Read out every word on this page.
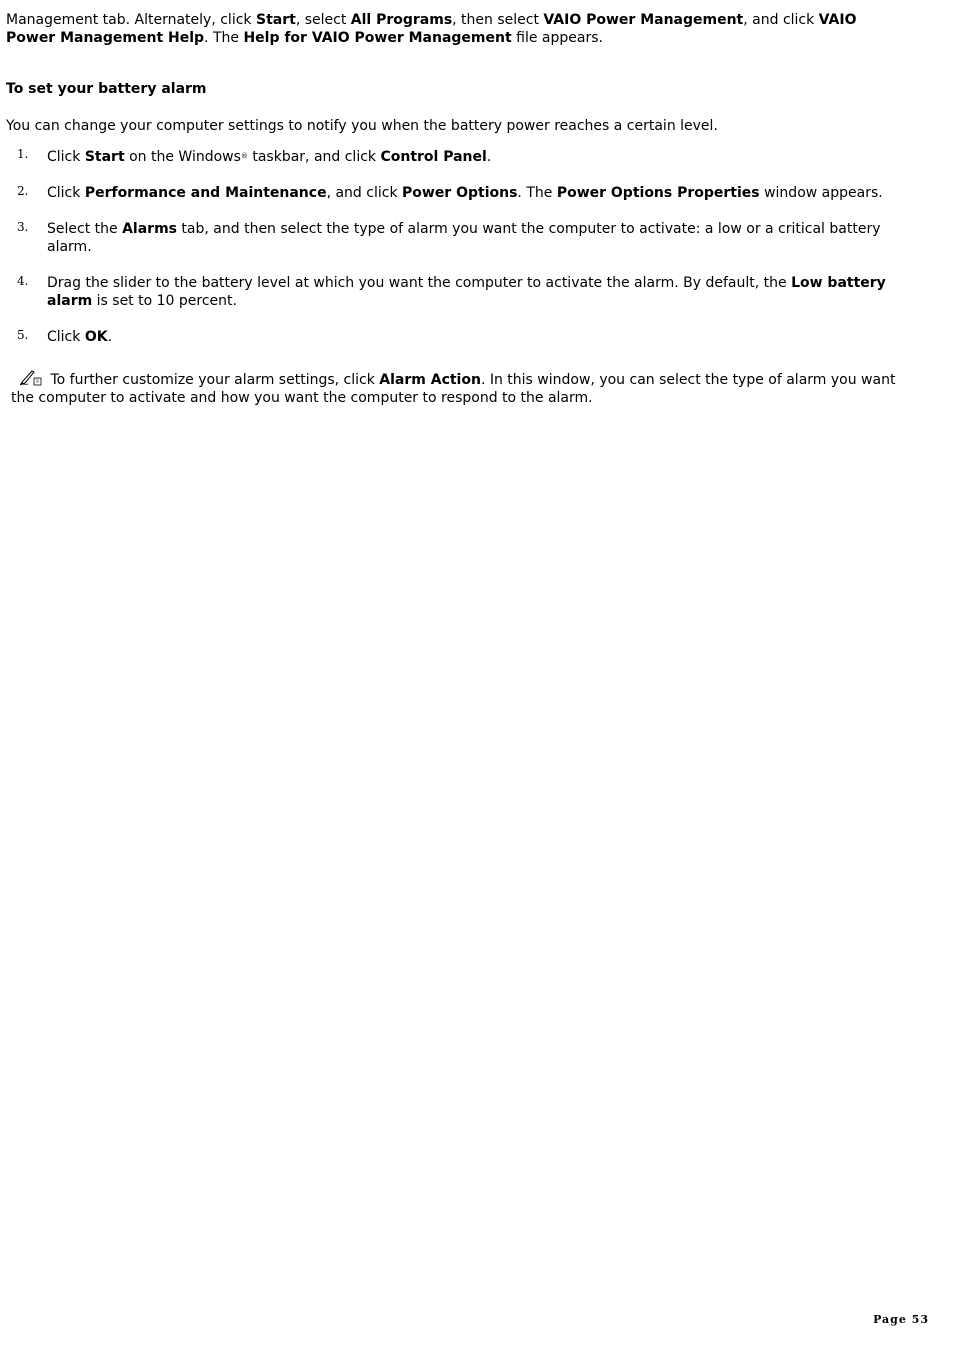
Management tab. Alternately, click Start, select All Programs, then select VAIO Power Management, and click VAIO Power Management Help. The Help for VAIO Power Management file appears.

To set your battery alarm

You can change your computer settings to notify you when the battery power reaches a certain level.

1. Click Start on the Windows® taskbar, and click Control Panel.
2. Click Performance and Maintenance, and click Power Options. The Power Options Properties window appears.
3. Select the Alarms tab, and then select the type of alarm you want the computer to activate: a low or a critical battery alarm.
4. Drag the slider to the battery level at which you want the computer to activate the alarm. By default, the Low battery alarm is set to 10 percent.
5. Click OK.

To further customize your alarm settings, click Alarm Action. In this window, you can select the type of alarm you want the computer to activate and how you want the computer to respond to the alarm.

Page 53
